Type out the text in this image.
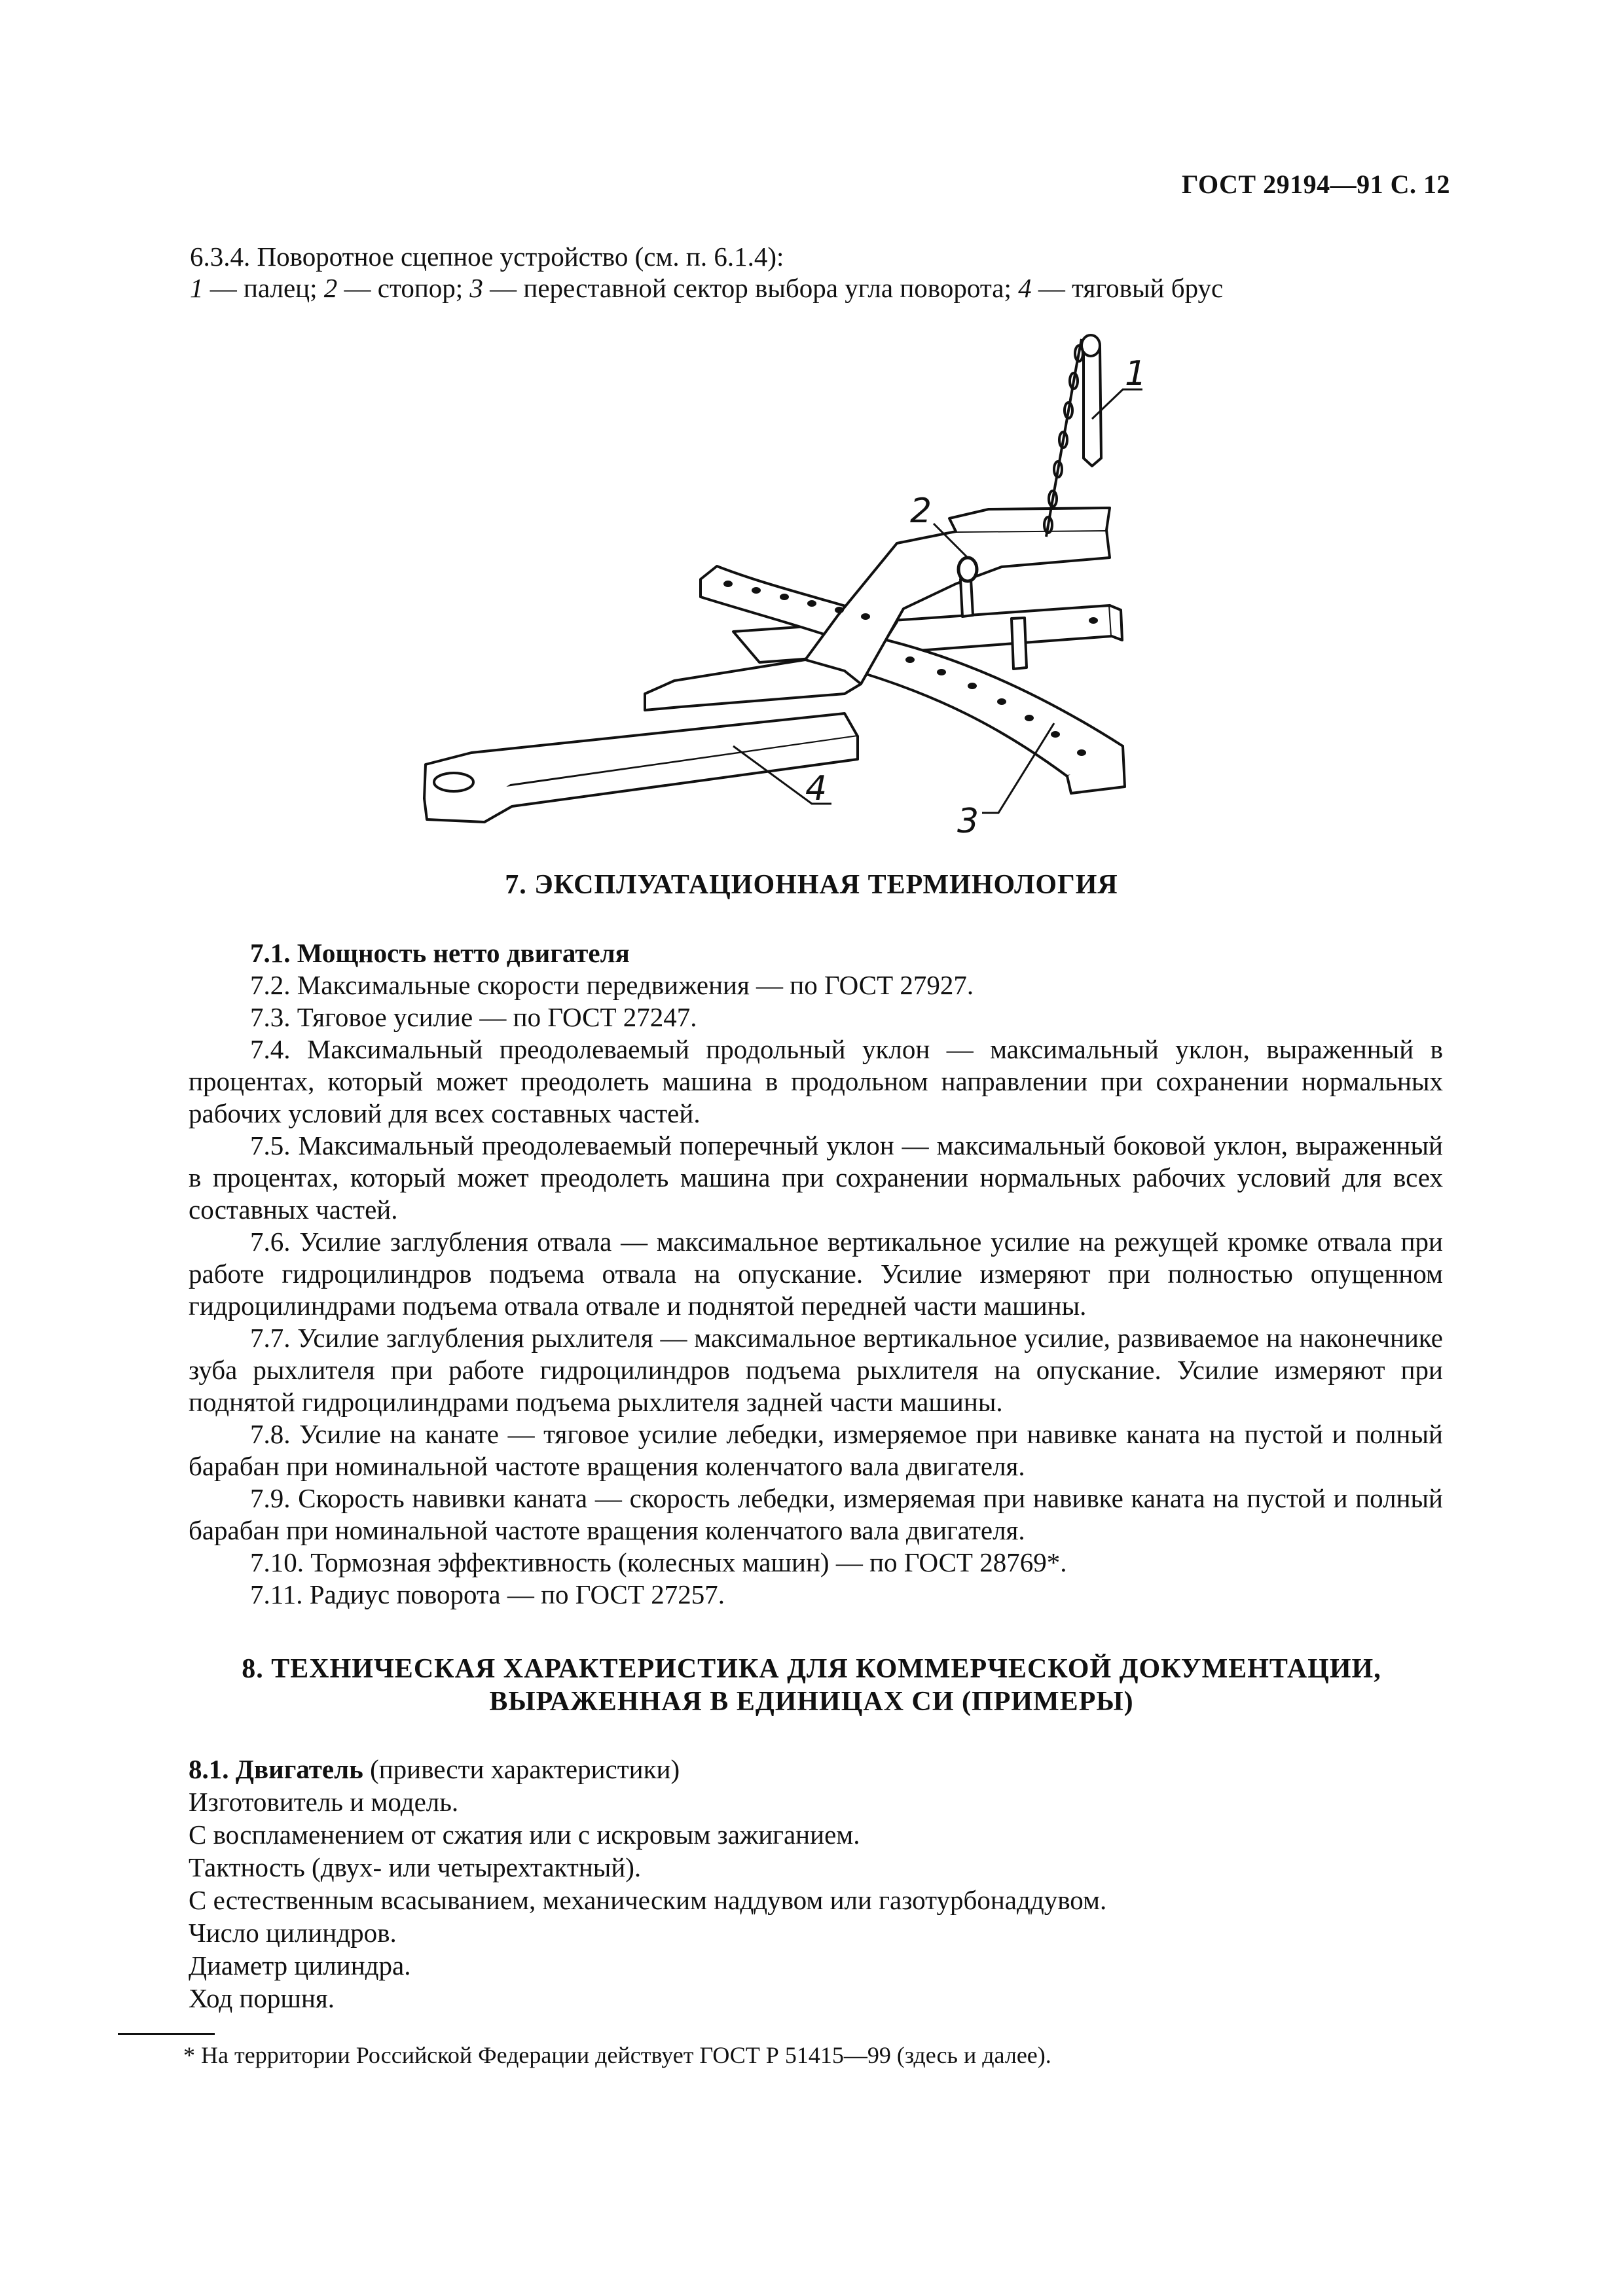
ГОСТ 29194—91 С. 12
6.3.4. Поворотное сцепное устройство (см. п. 6.1.4):
1 — палец; 2 — стопор; 3 — переставной сектор выбора угла поворота; 4 — тяговый брус
1
2
4
3
7. ЭКСПЛУАТАЦИОННАЯ ТЕРМИНОЛОГИЯ
7.1. Мощность нетто двигателя
7.2. Максимальные скорости передвижения — по ГОСТ 27927.
7.3. Тяговое усилие — по ГОСТ 27247.
7.4. Максимальный преодолеваемый продольный уклон — максимальный уклон, выраженный в процентах, который может преодолеть машина в продольном направлении при сохранении нормальных рабочих условий для всех составных частей.
7.5. Максимальный преодолеваемый поперечный уклон — максимальный боковой уклон, выраженный в процентах, который может преодолеть машина при сохранении нормальных рабочих условий для всех составных частей.
7.6. Усилие заглубления отвала — максимальное вертикальное усилие на режущей кромке отвала при работе гидроцилиндров подъема отвала на опускание. Усилие измеряют при полностью опущенном гидроцилиндрами подъема отвала отвале и поднятой передней части машины.
7.7. Усилие заглубления рыхлителя — максимальное вертикальное усилие, развиваемое на наконечнике зуба рыхлителя при работе гидроцилиндров подъема рыхлителя на опускание. Усилие измеряют при поднятой гидроцилиндрами подъема рыхлителя задней части машины.
7.8. Усилие на канате — тяговое усилие лебедки, измеряемое при навивке каната на пустой и полный барабан при номинальной частоте вращения коленчатого вала двигателя.
7.9. Скорость навивки каната — скорость лебедки, измеряемая при навивке каната на пустой и полный барабан при номинальной частоте вращения коленчатого вала двигателя.
7.10. Тормозная эффективность (колесных машин) — по ГОСТ 28769*.
7.11. Радиус поворота — по ГОСТ 27257.
8. ТЕХНИЧЕСКАЯ ХАРАКТЕРИСТИКА ДЛЯ КОММЕРЧЕСКОЙ ДОКУМЕНТАЦИИ,
ВЫРАЖЕННАЯ В ЕДИНИЦАХ СИ (ПРИМЕРЫ)
8.1. Двигатель (привести характеристики)
Изготовитель и модель.
С воспламенением от сжатия или с искровым зажиганием.
Тактность (двух- или четырехтактный).
С естественным всасыванием, механическим наддувом или газотурбонаддувом.
Число цилиндров.
Диаметр цилиндра.
Ход поршня.
* На территории Российской Федерации действует ГОСТ Р 51415—99 (здесь и далее).
